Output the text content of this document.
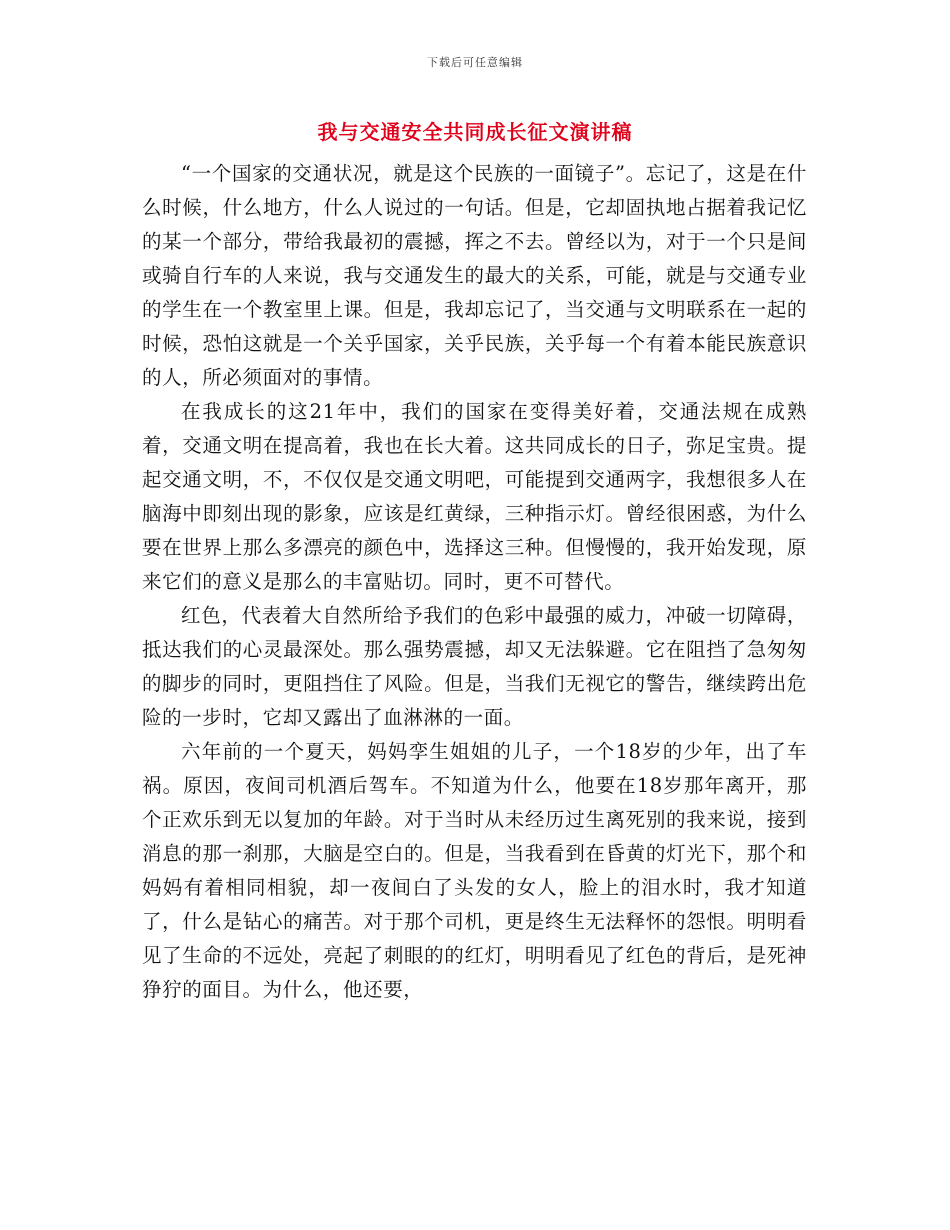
下载后可任意编辑
我与交通安全共同成长征文演讲稿

“一个国家的交通状况，就是这个民族的一面镜子”。忘记了，这是在什么时候，什么地方，什么人说过的一句话。但是，它却固执地占据着我记忆的某一个部分，带给我最初的震撼，挥之不去。曾经以为，对于一个只是间或骑自行车的人来说，我与交通发生的最大的关系，可能，就是与交通专业的学生在一个教室里上课。但是，我却忘记了，当交通与文明联系在一起的时候，恐怕这就是一个关乎国家，关乎民族，关乎每一个有着本能民族意识的人，所必须面对的事情。

在我成长的这21年中，我们的国家在变得美好着，交通法规在成熟着，交通文明在提高着，我也在长大着。这共同成长的日子，弥足宝贵。提起交通文明，不，不仅仅是交通文明吧，可能提到交通两字，我想很多人在脑海中即刻出现的影象，应该是红黄绿，三种指示灯。曾经很困惑，为什么要在世界上那么多漂亮的颜色中，选择这三种。但慢慢的，我开始发现，原来它们的意义是那么的丰富贴切。同时，更不可替代。

红色，代表着大自然所给予我们的色彩中最强的威力，冲破一切障碍，抵达我们的心灵最深处。那么强势震撼，却又无法躲避。它在阻挡了急匆匆的脚步的同时，更阻挡住了风险。但是，当我们无视它的警告，继续跨出危险的一步时，它却又露出了血淋淋的一面。

六年前的一个夏天，妈妈孪生姐姐的儿子，一个18岁的少年，出了车祸。原因，夜间司机酒后驾车。不知道为什么，他要在18岁那年离开，那个正欢乐到无以复加的年龄。对于当时从未经历过生离死别的我来说，接到消息的那一刹那，大脑是空白的。但是，当我看到在昏黄的灯光下，那个和妈妈有着相同相貌，却一夜间白了头发的女人，脸上的泪水时，我才知道了，什么是钻心的痛苦。对于那个司机，更是终生无法释怀的怨恨。明明看见了生命的不远处，亮起了刺眼的的红灯，明明看见了红色的背后，是死神狰狞的面目。为什么，他还要，
